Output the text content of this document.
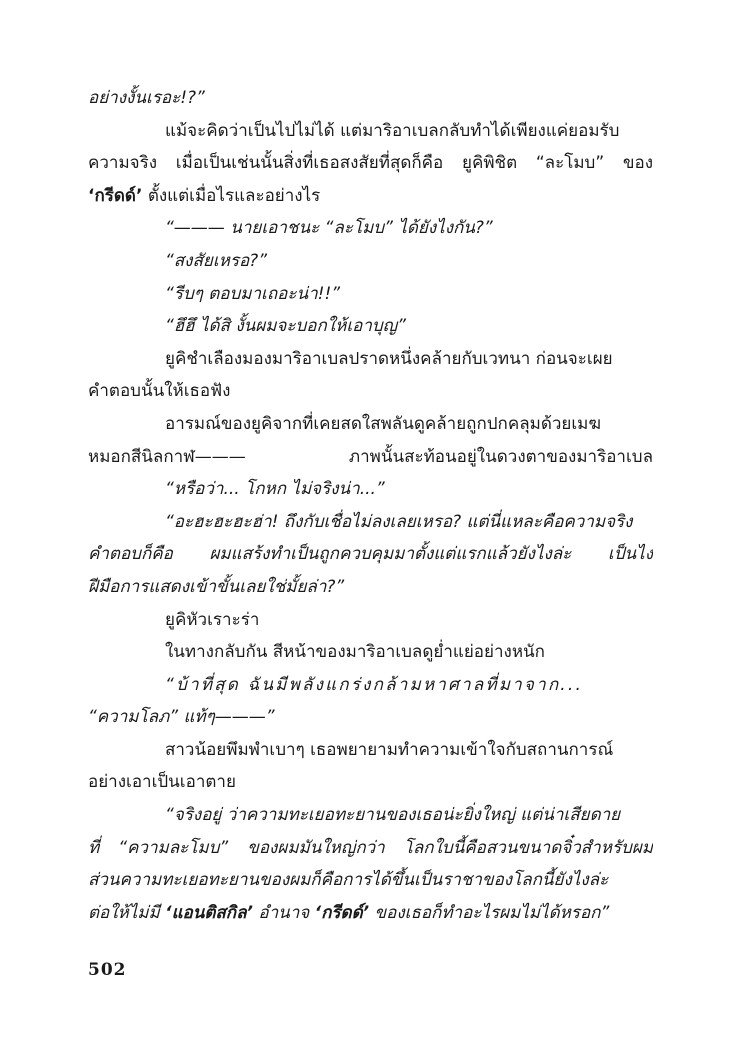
อย่างงั้นเรอะ!?”
แม้จะคิดว่าเป็นไปไม่ได้ แต่มาริอาเบลกลับทำได้เพียงแค่ยอมรับ
ความจริง เมื่อเป็นเช่นนั้นสิ่งที่เธอสงสัยที่สุดก็คือ ยูคิพิชิต “ละโมบ” ของ
‘กรีดด์’ ตั้งแต่เมื่อไรและอย่างไร
“——— นายเอาชนะ “ละโมบ” ได้ยังไงกัน?”
“สงสัยเหรอ?”
“รีบๆ ตอบมาเถอะน่า!!”
“ฮึฮึ ได้สิ งั้นผมจะบอกให้เอาบุญ”
ยูคิชำเลืองมองมาริอาเบลปราดหนึ่งคล้ายกับเวทนา ก่อนจะเผย
คำตอบนั้นให้เธอฟัง
อารมณ์ของยูคิจากที่เคยสดใสพลันดูคล้ายถูกปกคลุมด้วยเมฆ
หมอกสีนิลกาฬ——— ภาพนั้นสะท้อนอยู่ในดวงตาของมาริอาเบล
“หรือว่า... โกหก ไม่จริงน่า...”
“อะฮะฮะฮะฮ่า! ถึงกับเชื่อไม่ลงเลยเหรอ? แต่นี่แหละคือความจริง
คำตอบก็คือ ผมแสร้งทำเป็นถูกควบคุมมาตั้งแต่แรกแล้วยังไงล่ะ เป็นไง
ฝีมือการแสดงเข้าขั้นเลยใช่มั้ยล่า?”
ยูคิหัวเราะร่า
ในทางกลับกัน สีหน้าของมาริอาเบลดูย่ำแย่อย่างหนัก
“บ้าที่สุด ฉันมีพลังแกร่งกล้ามหาศาลที่มาจาก...
“ความโลภ” แท้ๆ———”
สาวน้อยพึมพำเบาๆ เธอพยายามทำความเข้าใจกับสถานการณ์
อย่างเอาเป็นเอาตาย
“จริงอยู่ ว่าความทะเยอทะยานของเธอน่ะยิ่งใหญ่ แต่น่าเสียดาย
ที่ “ความละโมบ” ของผมมันใหญ่กว่า โลกใบนี้คือสวนขนาดจิ๋วสำหรับผม
ส่วนความทะเยอทะยานของผมก็คือการได้ขึ้นเป็นราชาของโลกนี้ยังไงล่ะ
ต่อให้ไม่มี ‘แอนติสกิล’ อำนาจ ‘กรีดด์’ ของเธอก็ทำอะไรผมไม่ได้หรอก”
502
